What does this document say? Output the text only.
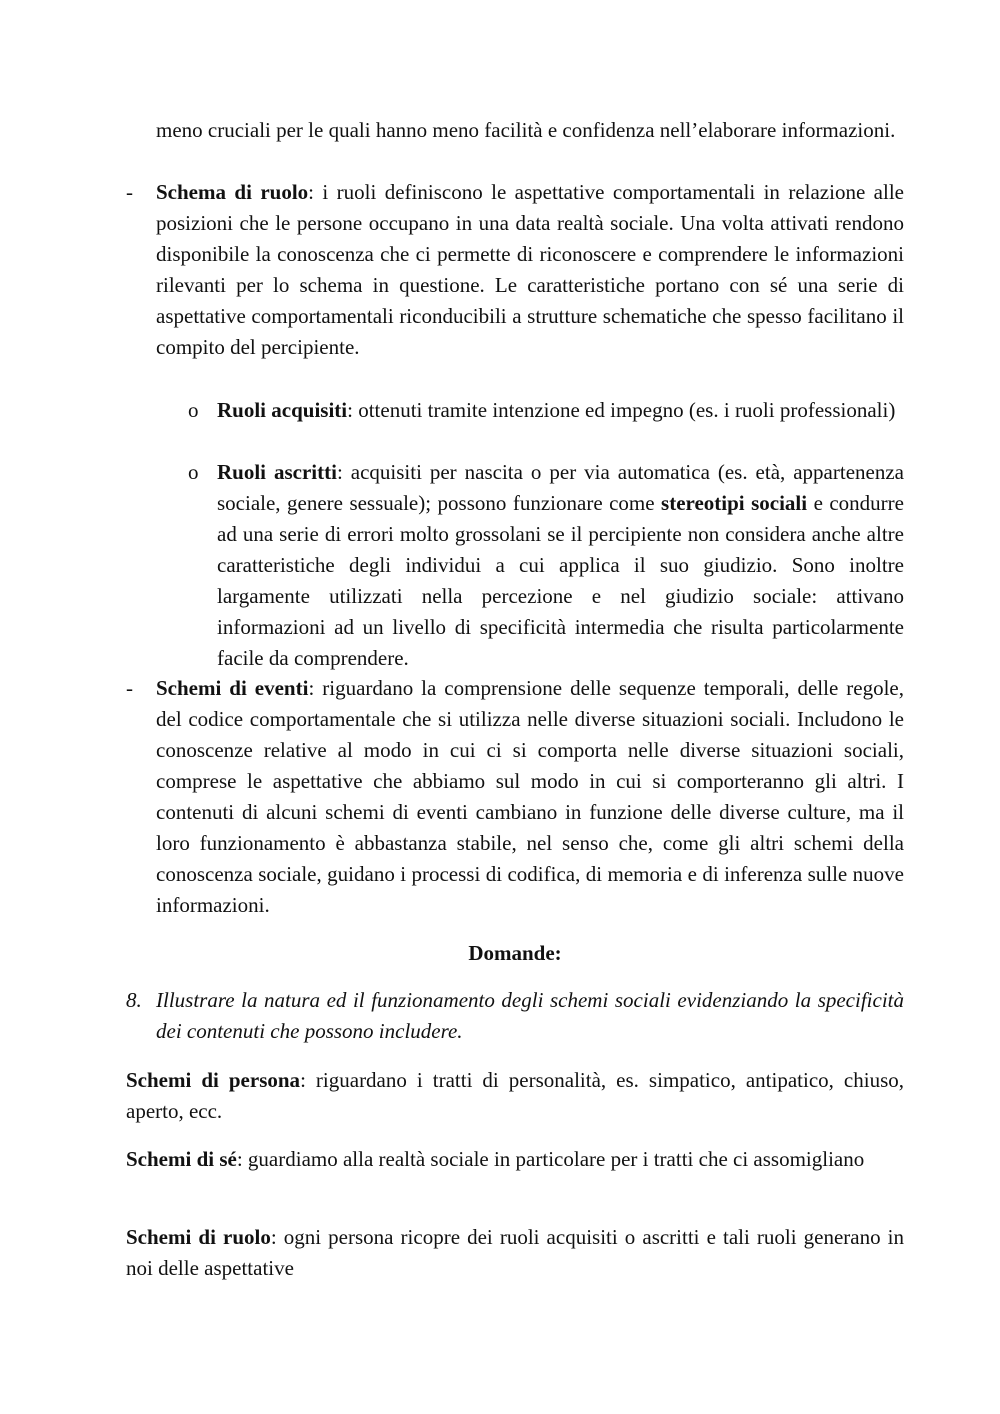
meno cruciali per le quali hanno meno facilità e confidenza nell’elaborare informazioni.
- Schema di ruolo: i ruoli definiscono le aspettative comportamentali in relazione alle posizioni che le persone occupano in una data realtà sociale. Una volta attivati rendono disponibile la conoscenza che ci permette di riconoscere e comprendere le informazioni rilevanti per lo schema in questione. Le caratteristiche portano con sé una serie di aspettative comportamentali riconducibili a strutture schematiche che spesso facilitano il compito del percipiente.
o Ruoli acquisiti: ottenuti tramite intenzione ed impegno (es. i ruoli professionali)
o Ruoli ascritti: acquisiti per nascita o per via automatica (es. età, appartenenza sociale, genere sessuale); possono funzionare come stereotipi sociali e condurre ad una serie di errori molto grossolani se il percipiente non considera anche altre caratteristiche degli individui a cui applica il suo giudizio. Sono inoltre largamente utilizzati nella percezione e nel giudizio sociale: attivano informazioni ad un livello di specificità intermedia che risulta particolarmente facile da comprendere.
- Schemi di eventi: riguardano la comprensione delle sequenze temporali, delle regole, del codice comportamentale che si utilizza nelle diverse situazioni sociali. Includono le conoscenze relative al modo in cui ci si comporta nelle diverse situazioni sociali, comprese le aspettative che abbiamo sul modo in cui si comporteranno gli altri. I contenuti di alcuni schemi di eventi cambiano in funzione delle diverse culture, ma il loro funzionamento è abbastanza stabile, nel senso che, come gli altri schemi della conoscenza sociale, guidano i processi di codifica, di memoria e di inferenza sulle nuove informazioni.
Domande:
8. Illustrare la natura ed il funzionamento degli schemi sociali evidenziando la specificità dei contenuti che possono includere.
Schemi di persona: riguardano i tratti di personalità, es. simpatico, antipatico, chiuso, aperto, ecc.
Schemi di sé: guardiamo alla realtà sociale in particolare per i tratti che ci assomigliano
Schemi di ruolo: ogni persona ricopre dei ruoli acquisiti o ascritti e tali ruoli generano in noi delle aspettative
